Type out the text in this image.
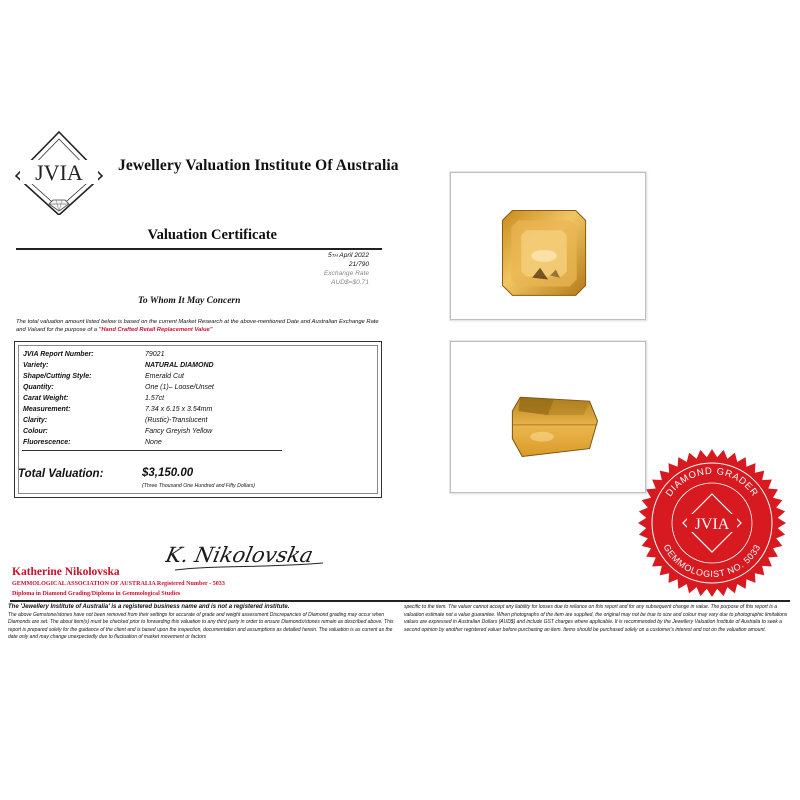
JVIA Jewellery Valuation Institute Of Australia
Valuation Certificate
5TH April 2022
21/790
Exchange Rate
AUD$=$0.71
To Whom It May Concern
The total valuation amount listed below is based on the current Market Research at the above-mentioned Date and Australian Exchange Rate and Valued for the purpose of a "Hand Crafted Retail Replacement Value"
JVIA Report Number:	79021
Variety:	NATURAL DIAMOND
Shape/Cutting Style:	Emerald Cut
Quantity:	One (1)– Loose/Unset
Carat Weight:	1.57ct
Measurement:	7.34 x 6.15 x 3.54mm
Clarity:	(Rustic)-Translucent
Colour:	Fancy Greyish Yellow
Fluorescence:	None
Total Valuation:	$3,150.00
(Three Thousand One Hundred and Fifty Dollars)
Katherine Nikolovska
K. Nikolovska
GEMMOLOGICAL ASSOCIATION OF AUSTRALIA Registered Number - 5033
Diploma in Diamond Grading/Diploma in Gemmological Studies
The 'Jewellery Institute of Australia' is a registered business name and is not a registered institute.
The above Gemstone/stones have not been removed from their settings for accurate of grade and weight assessment Discrepancies of Diamond grading may occur when Diamonds are set. The about item(s) must be checked prior to forwarding this valuation to any third party in order to ensure Diamonds/stones remain as described above. This report is prepared solely for the guidance of the client and is based upon the inspection, documentation and assumptions as detailed herein. The valuation is as current as the date only and may change unexpectedly due to fluctuation of market movement or factors
specific to the item. The valuer cannot accept any liability for losses due to reliance on this report and for any subsequent change in value. The purpose of this report is a valuation estimate not a value guarantee. When photographs of the item are supplied, the original may not be true to size and colour may vary due to photographic limitations values are expressed in Australian Dollars (AUD$) and include GST charges where applicable. It is recommended by the Jewellery Valuation Institute of Australia to seek a second opinion by another registered valuer before purchasing an item. Items should be purchased solely on a customer's interest and not on the valuation amount.
DIAMOND GRADER
GEMMOLOGIST NO. 5033
JVIA
